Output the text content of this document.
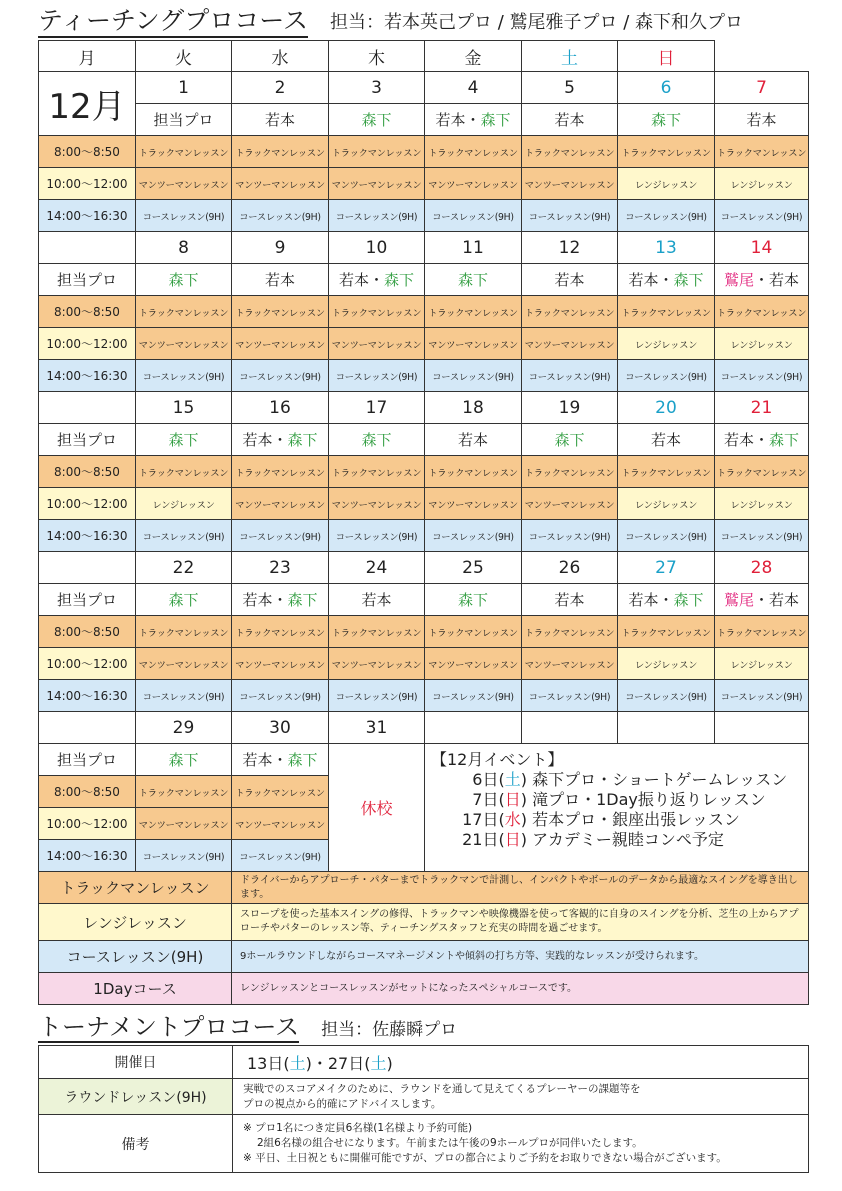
ティーチングプロコース 担当：若本英己プロ / 鷲尾雅子プロ / 森下和久プロ
月	火	水	木	金	土	日		
12月	1	2	3	4	5	6	7	
	担当プロ	若本	森下	若本・森下	若本	森下	若本	
8:00〜8:50	トラックマンレッスン	トラックマンレッスン	トラックマンレッスン	トラックマンレッスン	トラックマンレッスン	トラックマンレッスン	トラックマンレッスン	
10:00〜12:00	マンツーマンレッスン	マンツーマンレッスン	マンツーマンレッスン	マンツーマンレッスン	マンツーマンレッスン	レンジレッスン	レンジレッスン	
14:00〜16:30	コースレッスン(9H)	コースレッスン(9H)	コースレッスン(9H)	コースレッスン(9H)	コースレッスン(9H)	コースレッスン(9H)	コースレッスン(9H)	
	8	9	10	11	12	13	14	
担当プロ	森下	若本	若本・森下	森下	若本	若本・森下	鷲尾・若本	
8:00〜8:50	トラックマンレッスン	トラックマンレッスン	トラックマンレッスン	トラックマンレッスン	トラックマンレッスン	トラックマンレッスン	トラックマンレッスン	
10:00〜12:00	マンツーマンレッスン	マンツーマンレッスン	マンツーマンレッスン	マンツーマンレッスン	マンツーマンレッスン	レンジレッスン	レンジレッスン	
14:00〜16:30	コースレッスン(9H)	コースレッスン(9H)	コースレッスン(9H)	コースレッスン(9H)	コースレッスン(9H)	コースレッスン(9H)	コースレッスン(9H)	
	15	16	17	18	19	20	21	
担当プロ	森下	若本・森下	森下	若本	森下	若本	若本・森下	
8:00〜8:50	トラックマンレッスン	トラックマンレッスン	トラックマンレッスン	トラックマンレッスン	トラックマンレッスン	トラックマンレッスン	トラックマンレッスン	
10:00〜12:00	レンジレッスン	マンツーマンレッスン	マンツーマンレッスン	マンツーマンレッスン	マンツーマンレッスン	レンジレッスン	レンジレッスン	
14:00〜16:30	コースレッスン(9H)	コースレッスン(9H)	コースレッスン(9H)	コースレッスン(9H)	コースレッスン(9H)	コースレッスン(9H)	コースレッスン(9H)	
	22	23	24	25	26	27	28	
担当プロ	森下	若本・森下	若本	森下	若本	若本・森下	鷲尾・若本	
8:00〜8:50	トラックマンレッスン	トラックマンレッスン	トラックマンレッスン	トラックマンレッスン	トラックマンレッスン	トラックマンレッスン	トラックマンレッスン	
10:00〜12:00	マンツーマンレッスン	マンツーマンレッスン	マンツーマンレッスン	マンツーマンレッスン	マンツーマンレッスン	レンジレッスン	レンジレッスン	
14:00〜16:30	コースレッスン(9H)	コースレッスン(9H)	コースレッスン(9H)	コースレッスン(9H)	コースレッスン(9H)	コースレッスン(9H)	コースレッスン(9H)	
	29	30	31					
担当プロ	森下	若本・森下	休校	【12月イベント】
6日(土) 森下プロ・ショートゲームレッスン
7日(日) 滝プロ・1Day振り返りレッスン
17日(水) 若本プロ・銀座出張レッスン
21日(日) アカデミー親睦コンペ予定				

8:00〜8:50	トラックマンレッスン	トラックマンレッスン						
10:00〜12:00	マンツーマンレッスン	マンツーマンレッスン						
14:00〜16:30	コースレッスン(9H)	コースレッスン(9H)						
トラックマンレッスン		ドライバーからアプローチ・パターまでトラックマンで計測し、インパクトやボールのデータから最適なスイングを導き出します。						
レンジレッスン		スロープを使った基本スイングの修得、トラックマンや映像機器を使って客観的に自身のスイングを分析、芝生の上からアプローチやパターのレッスン等、ティーチングスタッフと充実の時間を過ごせます。						
コースレッスン(9H)		9ホールラウンドしながらコースマネージメントや傾斜の打ち方等、実践的なレッスンが受けられます。						
1Dayコース		レンジレッスンとコースレッスンがセットになったスペシャルコースです。						
トーナメントプロコース 担当：佐藤瞬プロ
開催日	13日(土)・27日(土)
ラウンドレッスン(9H)	実戦でのスコアメイクのために、ラウンドを通して見えてくるプレーヤーの課題等を
プロの視点から的確にアドバイスします。

備考	※ プロ1名につき定員6名様(1名様より予約可能)
2組6名様の組合せになります。午前または午後の9ホールプロが同伴いたします。
※ 平日、土日祝ともに開催可能ですが、プロの都合によりご予約をお取りできない場合がございます。
